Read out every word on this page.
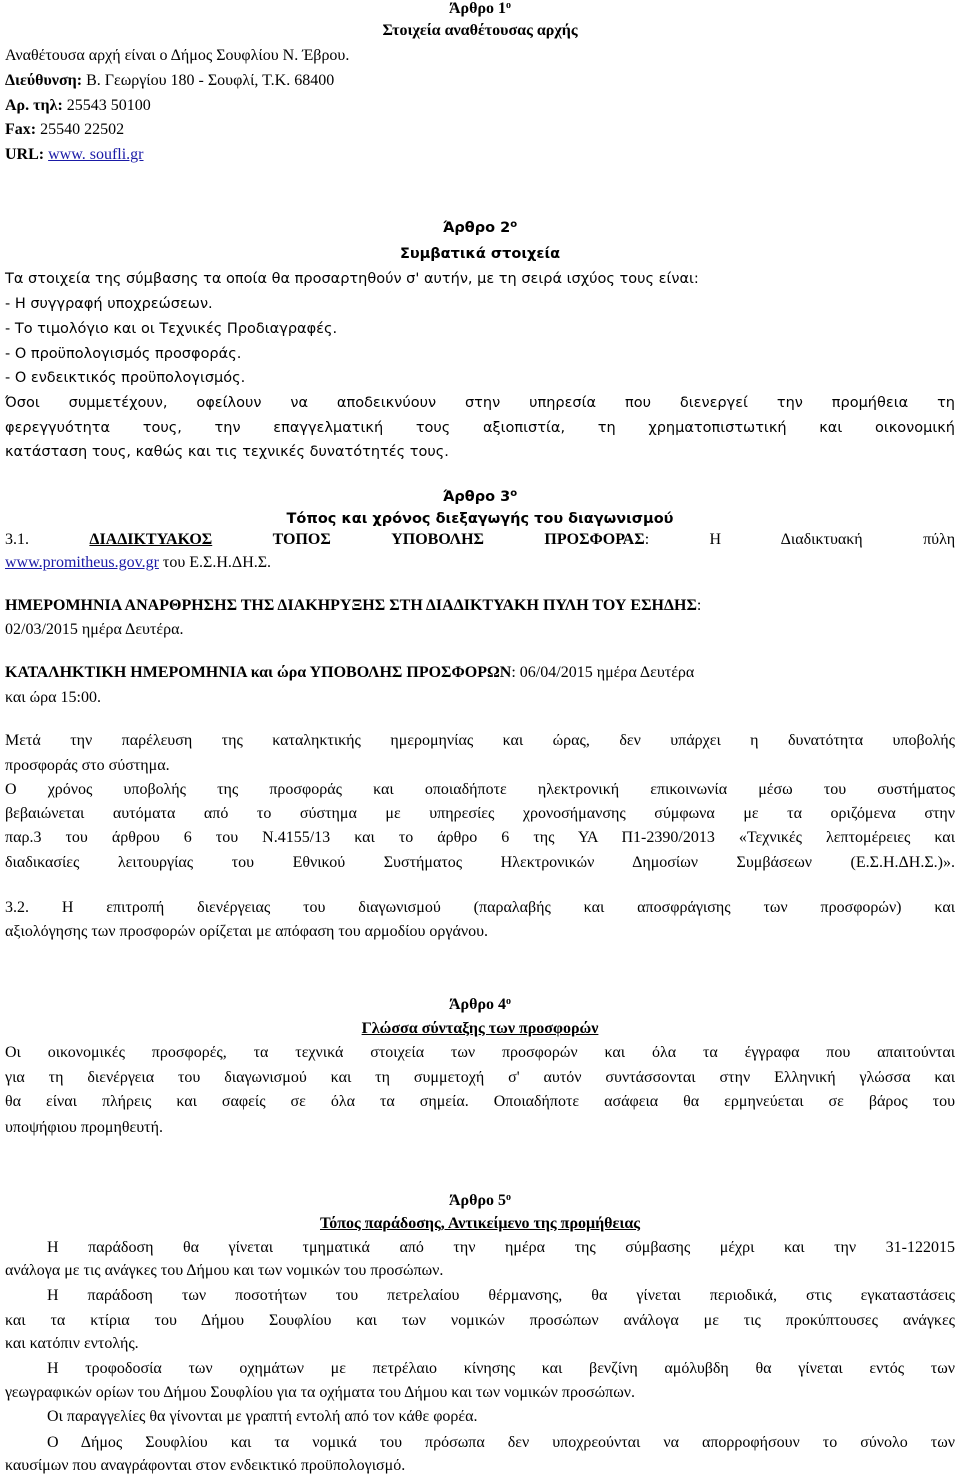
Άρθρο $1^o$
Στοιχεία αναθέτουσας αρχής
Αναθέτουσα αρχή είναι ο Δήμος Σουφλίου Ν. Έβρου.
Διεύθυνση: Β. Γεωργίου 180 - Σουφλί, Τ.Κ. 68400
Αρ. τηλ: 25543 50100
Fax: 25540 22502
URL: www. soufli.gr
Άρθρο $2^o$
Συμβατικά στοιχεία
Τα στοιχεία της σύμβασης τα οποία θα προσαρτηθούν σ' αυτήν, με τη σειρά ισχύος τους είναι:
- Η συγγραφή υποχρεώσεων.
- Το τιμολόγιο και οι Τεχνικές Προδιαγραφές.
- Ο προϋπολογισμός προσφοράς.
- Ο ενδεικτικός προϋπολογισμός.
Όσοι συμμετέχουν, οφείλουν να αποδεικνύουν στην υπηρεσία που διενεργεί την προμήθεια τη
φερεγγυότητα τους, την επαγγελματική τους αξιοπιστία, τη χρηματοπιστωτική και οικονομική
κατάσταση τους, καθώς και τις τεχνικές δυνατότητές τους.
Άρθρο $3^o$
Τόπος και χρόνος διεξαγωγής του διαγωνισμού
3.1.	ΔΙΑΔΙΚΤΥΑΚΟΣ	ΤΟΠΟΣ	ΥΠΟΒΟΛΗΣ	ΠΡΟΣΦΟΡΑΣ:	Η	Διαδικτυακή	πύλη
www.promitheus.gov.gr του Ε.Σ.Η.ΔΗ.Σ.
ΗΜΕΡΟΜΗΝΙΑ ΑΝΑΡΘΡΗΣΗΣ ΤΗΣ ΔΙΑΚΗΡΥΞΗΣ ΣΤΗ ΔΙΑΔΙΚΤΥΑΚΗ ΠΥΛΗ ΤΟΥ ΕΣΗΔΗΣ:
02/03/2015 ημέρα Δευτέρα.
ΚΑΤΑΛΗΚΤΙΚΗ ΗΜΕΡΟΜΗΝΙΑ και ώρα ΥΠΟΒΟΛΗΣ ΠΡΟΣΦΟΡΩΝ: 06/04/2015 ημέρα Δευτέρα
και ώρα 15:00.
Μετά την παρέλευση της καταληκτικής ημερομηνίας και ώρας, δεν υπάρχει η δυνατότητα υποβολής
προσφοράς στο σύστημα.
Ο χρόνος υποβολής της προσφοράς και οποιαδήποτε ηλεκτρονική επικοινωνία μέσω του συστήματος
βεβαιώνεται αυτόματα από το σύστημα με υπηρεσίες χρονοσήμανσης σύμφωνα με τα οριζόμενα στην
παρ.3 του άρθρου 6 του Ν.4155/13 και το άρθρο 6 της ΥΑ Π1-2390/2013 «Τεχνικές λεπτομέρειες και
διαδικασίες λειτουργίας του Εθνικού Συστήματος Ηλεκτρονικών Δημοσίων Συμβάσεων (Ε.Σ.Η.ΔΗ.Σ.)».
3.2. Η επιτροπή διενέργειας του διαγωνισμού (παραλαβής και αποσφράγισης των προσφορών) και
αξιολόγησης των προσφορών ορίζεται με απόφαση του αρμοδίου οργάνου.
Άρθρο $4^o$
Γλώσσα σύνταξης των προσφορών
Οι οικονομικές προσφορές, τα τεχνικά στοιχεία των προσφορών και όλα τα έγγραφα που απαιτούνται
για τη διενέργεια του διαγωνισμού και τη συμμετοχή σ' αυτόν συντάσσονται στην Ελληνική γλώσσα και
θα είναι πλήρεις και σαφείς σε όλα τα σημεία. Οποιαδήποτε ασάφεια θα ερμηνεύεται σε βάρος του
υποψήφιου προμηθευτή.
Άρθρο $5^o$
Τόπος παράδοσης, Αντικείμενο της προμήθειας
Η παράδοση θα γίνεται τμηματικά από την ημέρα της σύμβασης μέχρι και την 31-122015
ανάλογα με τις ανάγκες του Δήμου και των νομικών του προσώπων.
Η παράδοση των ποσοτήτων του πετρελαίου θέρμανσης, θα γίνεται περιοδικά, στις εγκαταστάσεις
και τα κτίρια του Δήμου Σουφλίου και των νομικών προσώπων ανάλογα με τις προκύπτουσες ανάγκες
και κατόπιν εντολής.
Η τροφοδοσία των οχημάτων με πετρέλαιο κίνησης και βενζίνη αμόλυβδη θα γίνεται εντός των
γεωγραφικών ορίων του Δήμου Σουφλίου για τα οχήματα του Δήμου και των νομικών προσώπων.
Οι παραγγελίες θα γίνονται με γραπτή εντολή από τον κάθε φορέα.
Ο Δήμος Σουφλίου και τα νομικά του πρόσωπα δεν υποχρεούνται να απορροφήσουν το σύνολο των
καυσίμων που αναγράφονται στον ενδεικτικό προϋπολογισμό.
